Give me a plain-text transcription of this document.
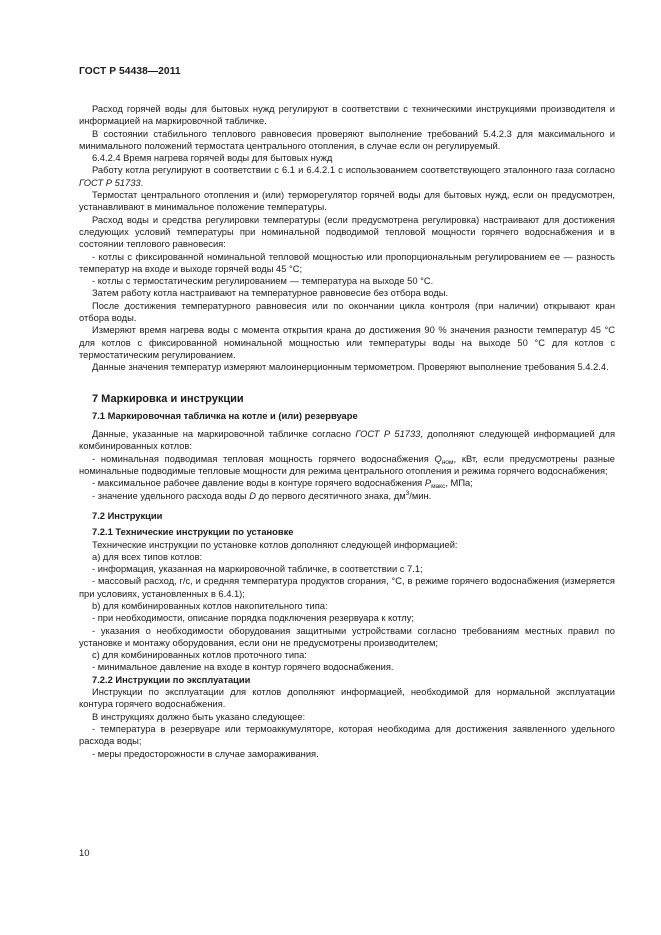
ГОСТ Р 54438—2011

Расход горячей воды для бытовых нужд регулируют в соответствии с техническими инструкциями производителя и информацией на маркировочной табличке.

В состоянии стабильного теплового равновесия проверяют выполнение требований 5.4.2.3 для максимального и минимального положений термостата центрального отопления, в случае если он регулируемый.

6.4.2.4 Время нагрева горячей воды для бытовых нужд

Работу котла регулируют в соответствии с 6.1 и 6.4.2.1 с использованием соответствующего эталонного газа согласно ГОСТ Р 51733.

Термостат центрального отопления и (или) терморегулятор горячей воды для бытовых нужд, если он предусмотрен, устанавливают в минимальное положение температуры.

Расход воды и средства регулировки температуры (если предусмотрена регулировка) настраивают для достижения следующих условий температуры при номинальной подводимой тепловой мощности горячего водоснабжения и в состоянии теплового равновесия:

- котлы с фиксированной номинальной тепловой мощностью или пропорциональным регулированием ее — разность температур на входе и выходе горячей воды 45 °С;

- котлы с термостатическим регулированием — температура на выходе 50 °С.

Затем работу котла настраивают на температурное равновесие без отбора воды.

После достижения температурного равновесия или по окончании цикла контроля (при наличии) открывают кран отбора воды.

Измеряют время нагрева воды с момента открытия крана до достижения 90 % значения разности температур 45 °С для котлов с фиксированной номинальной мощностью или температуры воды на выходе 50 °С для котлов с термостатическим регулированием.

Данные значения температур измеряют малоинерционным термометром. Проверяют выполнение требования 5.4.2.4.

7 Маркировка и инструкции

7.1 Маркировочная табличка на котле и (или) резервуаре

Данные, указанные на маркировочной табличке согласно ГОСТ Р 51733, дополняют следующей информацией для комбинированных котлов:

- номинальная подводимая тепловая мощность горячего водоснабжения $Q_{ном}$, кВт, если предусмотрены разные номинальные подводимые тепловые мощности для режима центрального отопления и режима горячего водоснабжения;

- максимальное рабочее давление воды в контуре горячего водоснабжения $P_{макс}$, МПа;

- значение удельного расхода воды D до первого десятичного знака, $дм^3$/мин.

7.2 Инструкции

7.2.1 Технические инструкции по установке

Технические инструкции по установке котлов дополняют следующей информацией:

а) для всех типов котлов:

- информация, указанная на маркировочной табличке, в соответствии с 7.1;

- массовый расход, г/с, и средняя температура продуктов сгорания, °С, в режиме горячего водоснабжения (измеряется при условиях, установленных в 6.4.1);

b) для комбинированных котлов накопительного типа:

- при необходимости, описание порядка подключения резервуара к котлу;

- указания о необходимости оборудования защитными устройствами согласно требованиям местных правил по установке и монтажу оборудования, если они не предусмотрены производителем;

с) для комбинированных котлов проточного типа:

- минимальное давление на входе в контур горячего водоснабжения.

7.2.2 Инструкции по эксплуатации

Инструкции по эксплуатации для котлов дополняют информацией, необходимой для нормальной эксплуатации контура горячего водоснабжения.

В инструкциях должно быть указано следующее:

- температура в резервуаре или термоаккумуляторе, которая необходима для достижения заявленного удельного расхода воды;

- меры предосторожности в случае замораживания.

10
